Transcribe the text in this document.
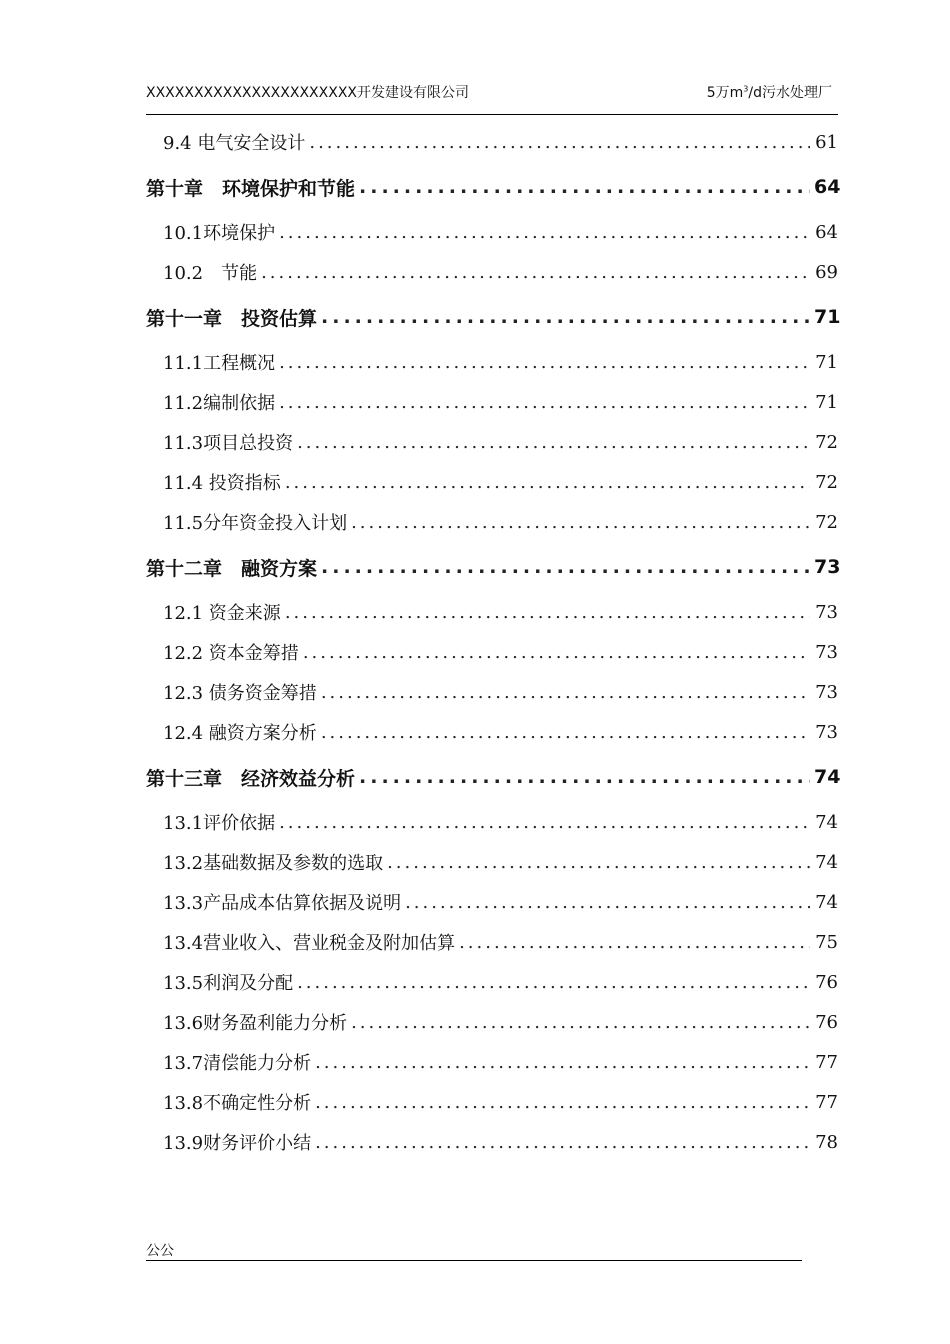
XXXXXXXXXXXXXXXXXXXXXX开发建设有限公司	5万$m^3/d$污水处理厂
9.4 电气安全设计 .....	61
第十章　环境保护和节能 .....	64
10.1环境保护 .....	64
10.2　节能 .....	69
第十一章　投资估算 .....	71
11.1工程概况 .....	71
11.2编制依据 .....	71
11.3项目总投资 .....	72
11.4 投资指标 .....	72
11.5分年资金投入计划 .....	72
第十二章　融资方案 .....	73
12.1 资金来源 .....	73
12.2 资本金筹措 .....	73
12.3 债务资金筹措 .....	73
12.4 融资方案分析 .....	73
第十三章　经济效益分析 .....	74
13.1评价依据 .....	74
13.2基础数据及参数的选取 .....	74
13.3产品成本估算依据及说明 .....	74
13.4营业收入、营业税金及附加估算 .....	75
13.5利润及分配 .....	76
13.6财务盈利能力分析 .....	76
13.7清偿能力分析 .....	77
13.8不确定性分析 .....	77
13.9财务评价小结 .....	78
公公
